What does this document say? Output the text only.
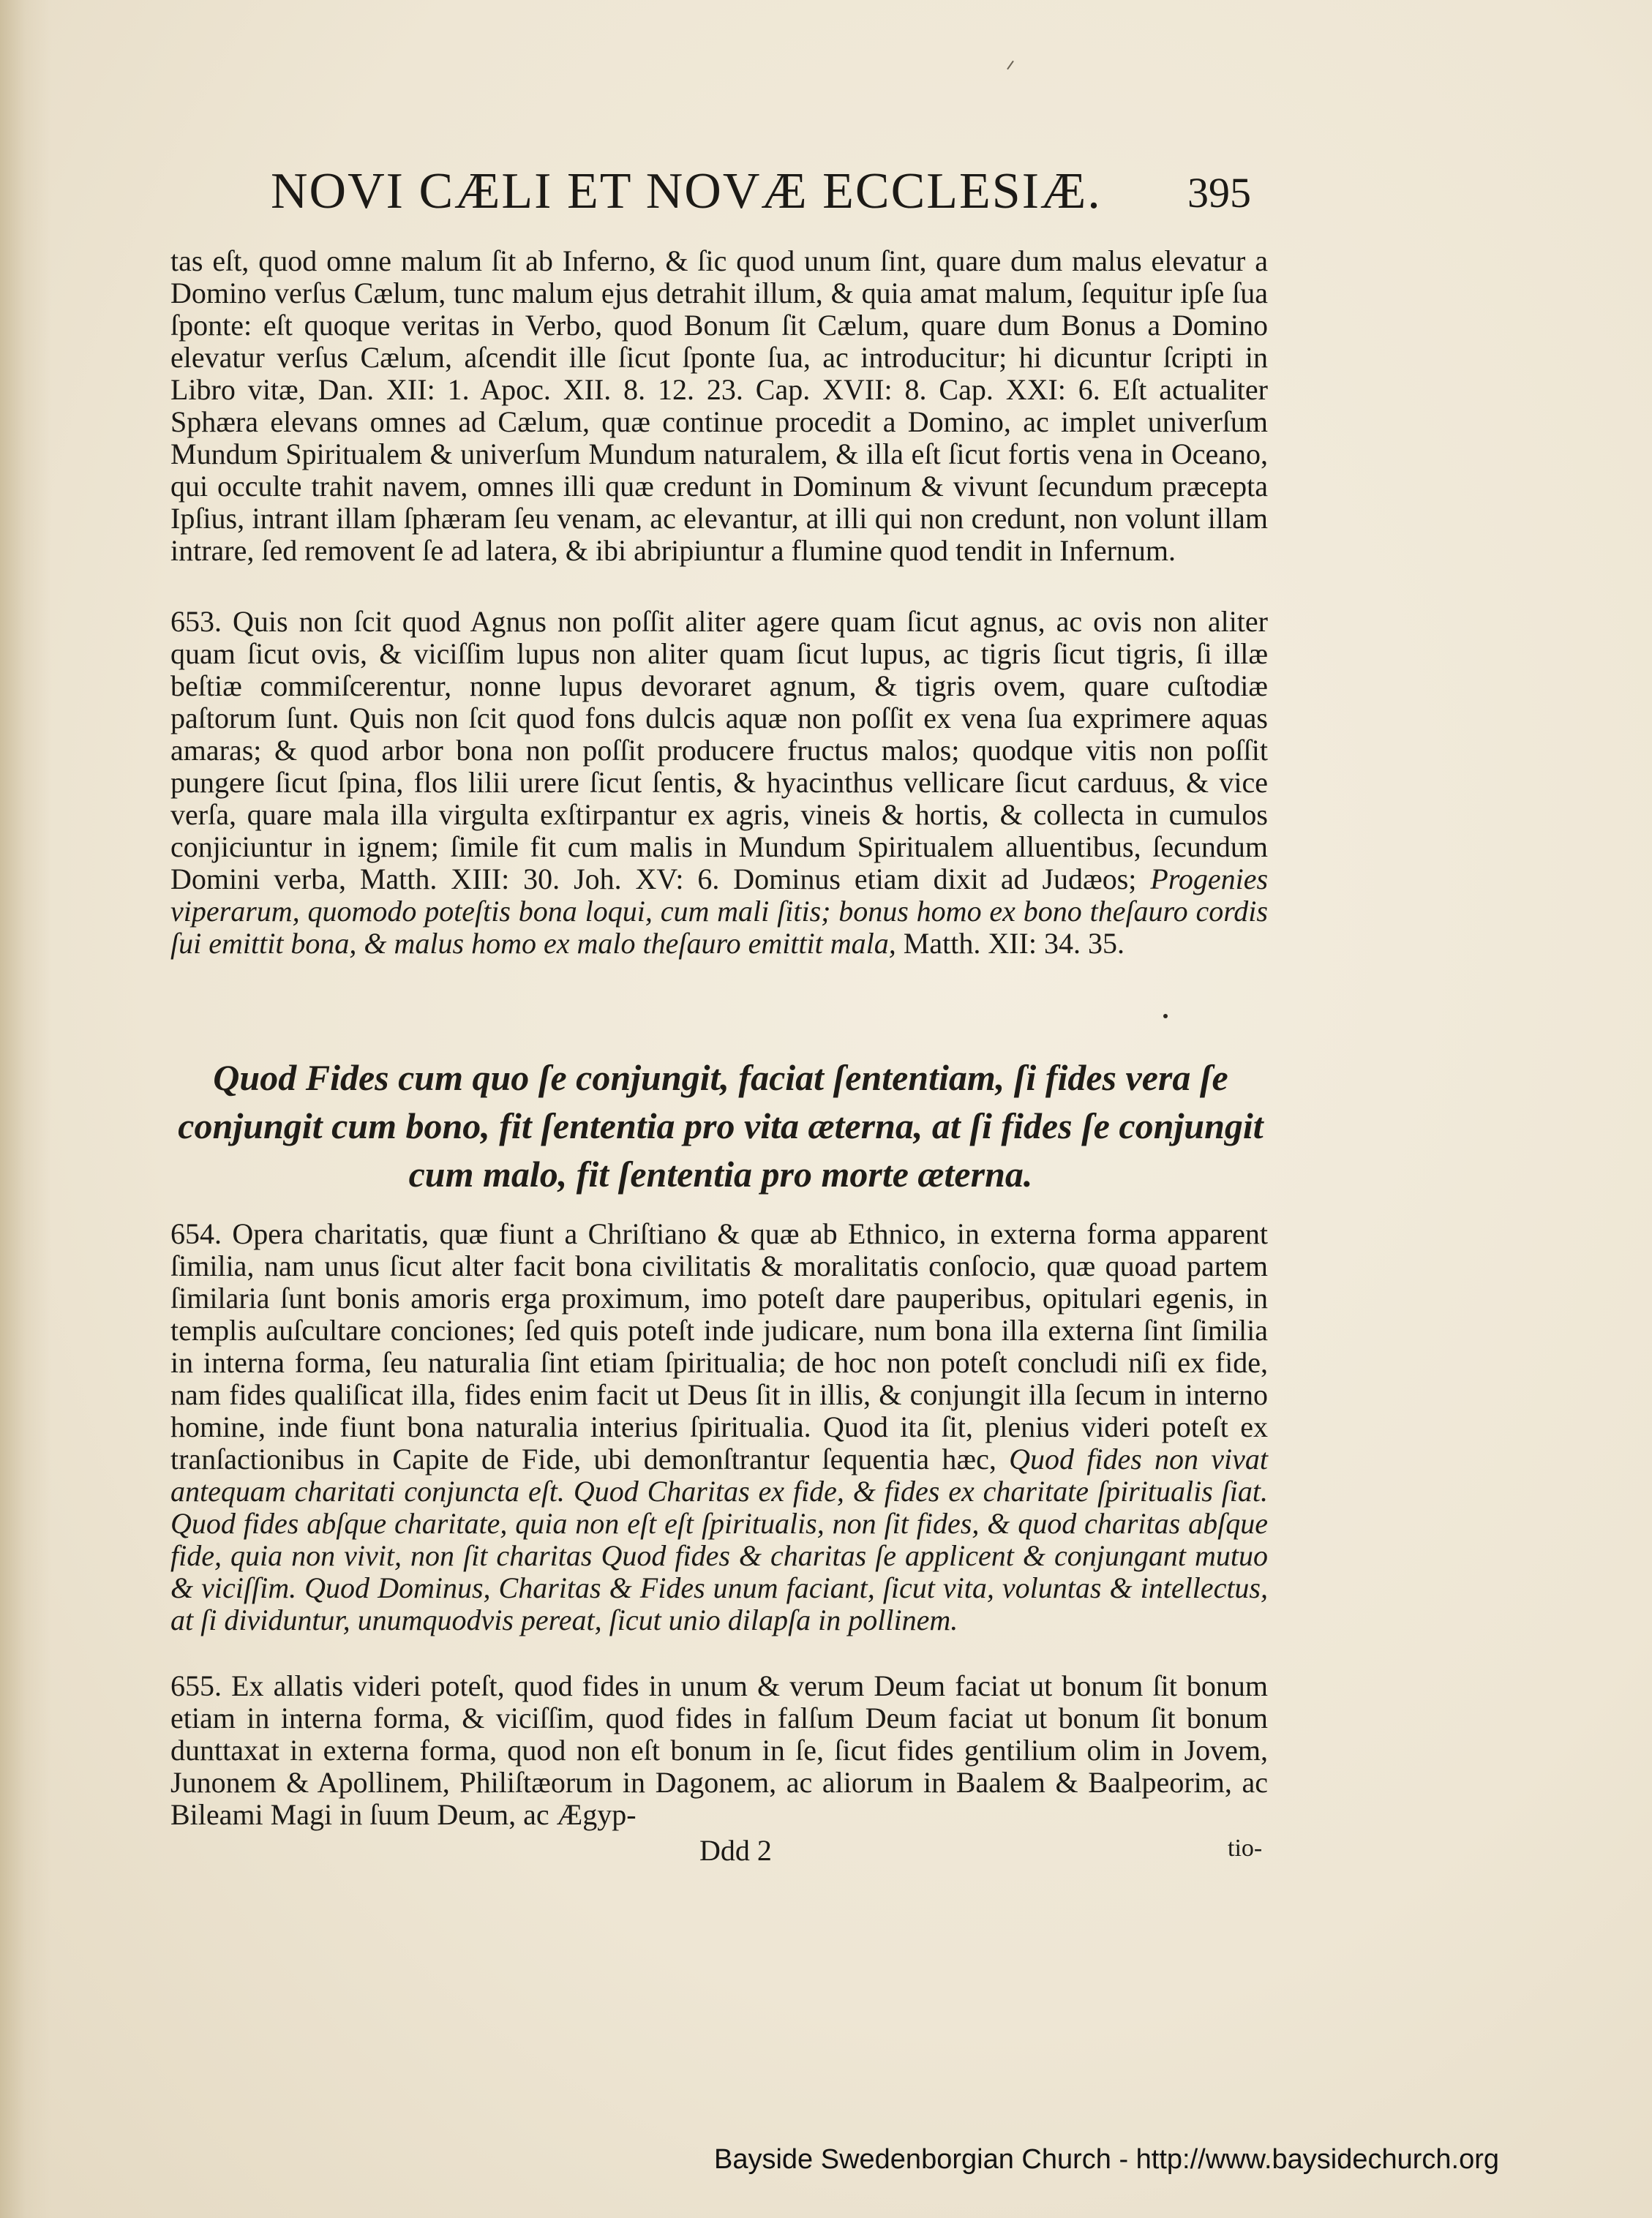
NOVI CÆLI ET NOVÆ ECCLESIÆ. 395

tas eſt, quod omne malum ſit ab Inferno, & ſic quod unum ſint, quare dum malus elevatur a Domino verſus Cælum, tunc malum ejus detrahit illum, & quia amat malum, ſequitur ipſe ſua ſponte: eſt quoque veritas in Verbo, quod Bonum ſit Cælum, quare dum Bonus a Domino elevatur verſus Cælum, aſcendit ille ſicut ſponte ſua, ac introducitur; hi dicuntur ſcripti in Libro vitæ, Dan. XII: 1. Apoc. XII. 8. 12. 23. Cap. XVII: 8. Cap. XXI: 6. Eſt actualiter Sphæra elevans omnes ad Cælum, quæ continue procedit a Domino, ac implet univerſum Mundum Spiritualem & univerſum Mundum naturalem, & illa eſt ſicut fortis vena in Oceano, qui occulte trahit navem, omnes illi quæ credunt in Dominum & vivunt ſecundum præcepta Ipſius, intrant illam ſphæram ſeu venam, ac elevantur, at illi qui non credunt, non volunt illam intrare, ſed removent ſe ad latera, & ibi abripiuntur a flumine quod tendit in Infernum.

653. Quis non ſcit quod Agnus non poſſit aliter agere quam ſicut agnus, ac ovis non aliter quam ſicut ovis, & viciſſim lupus non aliter quam ſicut lupus, ac tigris ſicut tigris, ſi illæ beſtiæ commiſcerentur, nonne lupus devoraret agnum, & tigris ovem, quare cuſtodiæ paſtorum ſunt. Quis non ſcit quod fons dulcis aquæ non poſſit ex vena ſua exprimere aquas amaras; & quod arbor bona non poſſit producere fructus malos; quodque vitis non poſſit pungere ſicut ſpina, flos lilii urere ſicut ſentis, & hyacinthus vellicare ſicut carduus, & vice verſa, quare mala illa virgulta exſtirpantur ex agris, vineis & hortis, & collecta in cumulos conjiciuntur in ignem; ſimile fit cum malis in Mundum Spiritualem alluentibus, ſecundum Domini verba, Matth. XIII: 30. Joh. XV: 6. Dominus etiam dixit ad Judæos; Progenies viperarum, quomodo poteſtis bona loqui, cum mali ſitis; bonus homo ex bono theſauro cordis ſui emittit bona, & malus homo ex malo theſauro emittit mala, Matth. XII: 34. 35.

Quod Fides cum quo ſe conjungit, faciat ſententiam, ſi fides vera ſe conjungit cum bono, fit ſententia pro vita æterna, at ſi fides ſe conjungit cum malo, fit ſententia pro morte æterna.

654. Opera charitatis, quæ fiunt a Chriſtiano & quæ ab Ethnico, in externa forma apparent ſimilia, nam unus ſicut alter facit bona civilitatis & moralitatis conſocio, quæ quoad partem ſimilaria ſunt bonis amoris erga proximum, imo poteſt dare pauperibus, opitulari egenis, in templis auſcultare conciones; ſed quis poteſt inde judicare, num bona illa externa ſint ſimilia in interna forma, ſeu naturalia ſint etiam ſpiritualia; de hoc non poteſt concludi niſi ex fide, nam fides qualiſicat illa, fides enim facit ut Deus ſit in illis, & conjungit illa ſecum in interno homine, inde fiunt bona naturalia interius ſpiritualia. Quod ita ſit, plenius videri poteſt ex tranſactionibus in Capite de Fide, ubi demonſtrantur ſequentia hæc, Quod fides non vivat antequam charitati conjuncta eſt. Quod Charitas ex fide, & fides ex charitate ſpiritualis ſiat. Quod fides abſque charitate, quia non eſt eſt ſpiritualis, non ſit fides, & quod charitas abſque fide, quia non vivit, non ſit charitas Quod fides & charitas ſe applicent & conjungant mutuo & viciſſim. Quod Dominus, Charitas & Fides unum faciant, ſicut vita, voluntas & intellectus, at ſi dividuntur, unumquodvis pereat, ſicut unio dilapſa in pollinem.

655. Ex allatis videri poteſt, quod fides in unum & verum Deum faciat ut bonum ſit bonum etiam in interna forma, & viciſſim, quod fides in falſum Deum faciat ut bonum ſit bonum dunttaxat in externa forma, quod non eſt bonum in ſe, ſicut fides gentilium olim in Jovem, Junonem & Apollinem, Philiſtæorum in Dagonem, ac aliorum in Baalem & Baalpeorim, ac Bileami Magi in ſuum Deum, ac Ægyp-

Ddd 2	tio-
Bayside Swedenborgian Church - http://www.baysidechurch.org
